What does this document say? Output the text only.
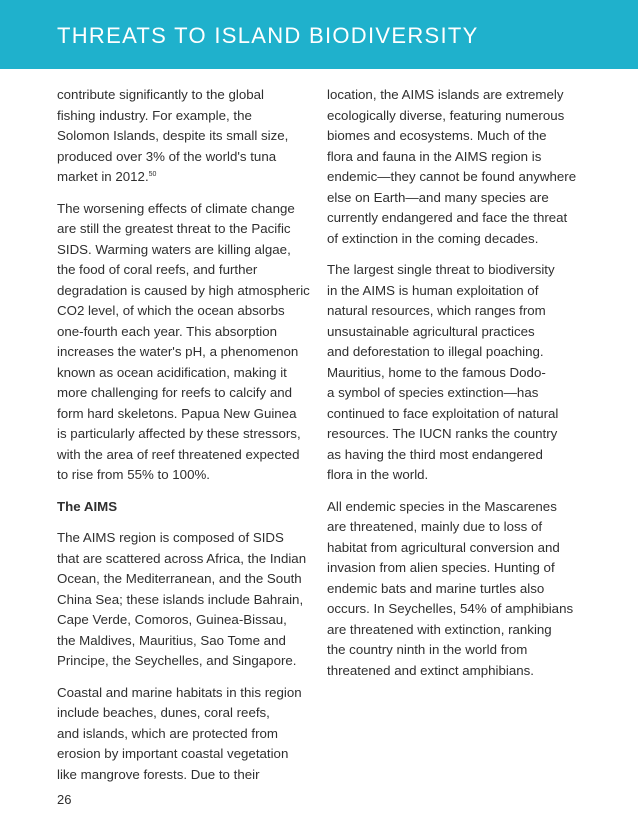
THREATS TO ISLAND BIODIVERSITY

contribute significantly to the global
fishing industry. For example, the
Solomon Islands, despite its small size,
produced over 3% of the world's tuna
market in 2012.50

The worsening effects of climate change
are still the greatest threat to the Pacific
SIDS. Warming waters are killing algae,
the food of coral reefs, and further
degradation is caused by high atmospheric
CO2 level, of which the ocean absorbs
one-fourth each year. This absorption
increases the water's pH, a phenomenon
known as ocean acidification, making it
more challenging for reefs to calcify and
form hard skeletons. Papua New Guinea
is particularly affected by these stressors,
with the area of reef threatened expected
to rise from 55% to 100%.

The AIMS

The AIMS region is composed of SIDS
that are scattered across Africa, the Indian
Ocean, the Mediterranean, and the South
China Sea; these islands include Bahrain,
Cape Verde, Comoros, Guinea-Bissau,
the Maldives, Mauritius, Sao Tome and
Principe, the Seychelles, and Singapore.

Coastal and marine habitats in this region
include beaches, dunes, coral reefs,
and islands, which are protected from
erosion by important coastal vegetation
like mangrove forests. Due to their

location, the AIMS islands are extremely
ecologically diverse, featuring numerous
biomes and ecosystems. Much of the
flora and fauna in the AIMS region is
endemic—they cannot be found anywhere
else on Earth—and many species are
currently endangered and face the threat
of extinction in the coming decades.

The largest single threat to biodiversity
in the AIMS is human exploitation of
natural resources, which ranges from
unsustainable agricultural practices
and deforestation to illegal poaching.
Mauritius, home to the famous Dodo-
a symbol of species extinction—has
continued to face exploitation of natural
resources. The IUCN ranks the country
as having the third most endangered
flora in the world.

All endemic species in the Mascarenes
are threatened, mainly due to loss of
habitat from agricultural conversion and
invasion from alien species. Hunting of
endemic bats and marine turtles also
occurs. In Seychelles, 54% of amphibians
are threatened with extinction, ranking
the country ninth in the world from
threatened and extinct amphibians.

26
